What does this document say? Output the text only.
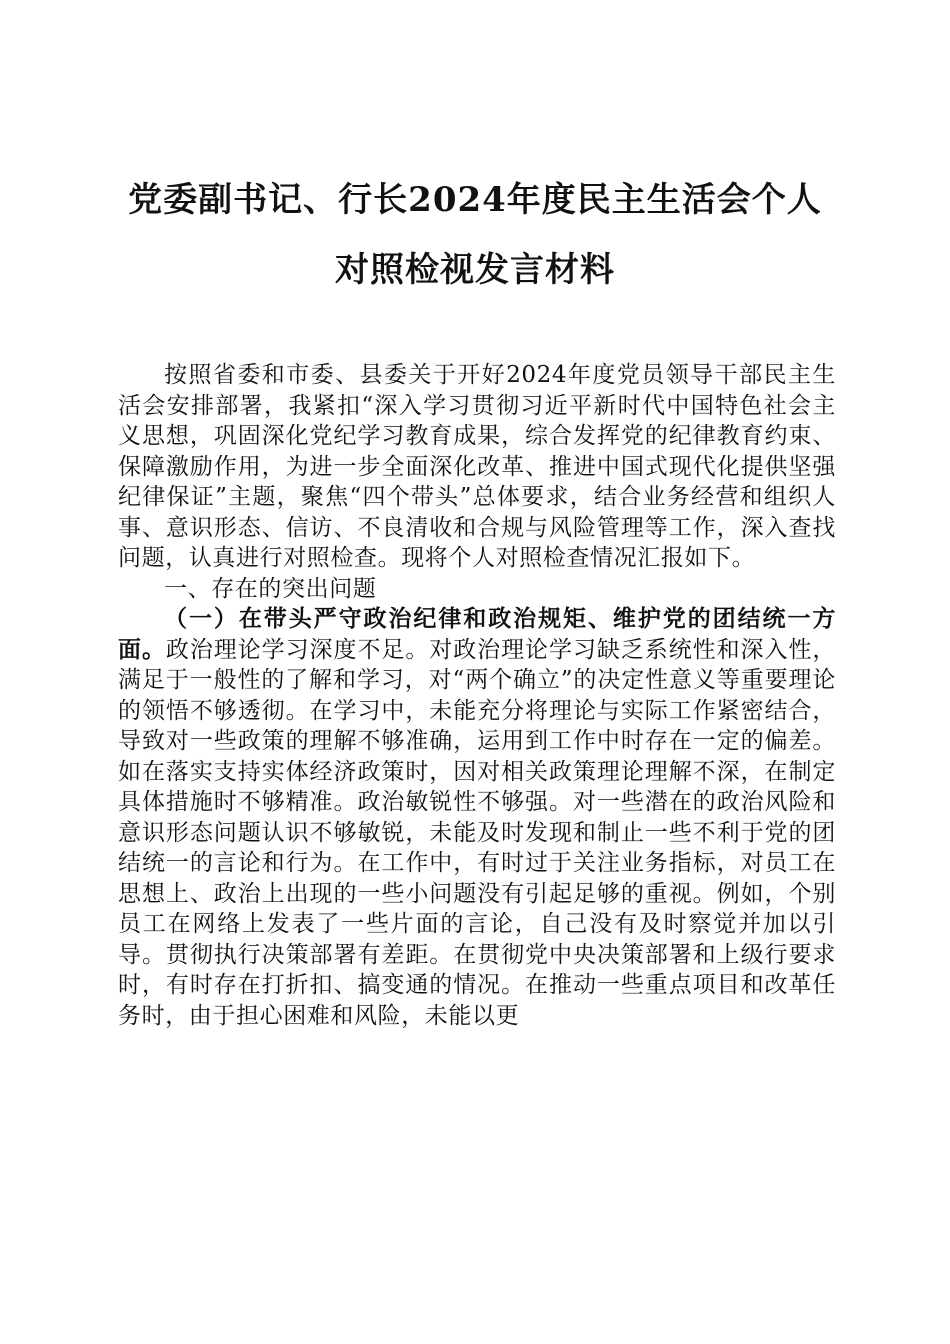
党委副书记、行长2024年度民主生活会个人
对照检视发言材料

按照省委和市委、县委关于开好2024年度党员领导干部民主生活会安排部署，我紧扣“深入学习贯彻习近平新时代中国特色社会主义思想，巩固深化党纪学习教育成果，综合发挥党的纪律教育约束、保障激励作用，为进一步全面深化改革、推进中国式现代化提供坚强纪律保证”主题，聚焦“四个带头”总体要求，结合业务经营和组织人事、意识形态、信访、不良清收和合规与风险管理等工作，深入查找问题，认真进行对照检查。现将个人对照检查情况汇报如下。

一、存在的突出问题

（一）在带头严守政治纪律和政治规矩、维护党的团结统一方面。政治理论学习深度不足。对政治理论学习缺乏系统性和深入性，满足于一般性的了解和学习，对“两个确立”的决定性意义等重要理论的领悟不够透彻。在学习中，未能充分将理论与实际工作紧密结合，导致对一些政策的理解不够准确，运用到工作中时存在一定的偏差。如在落实支持实体经济政策时，因对相关政策理论理解不深，在制定具体措施时不够精准。政治敏锐性不够强。对一些潜在的政治风险和意识形态问题认识不够敏锐，未能及时发现和制止一些不利于党的团结统一的言论和行为。在工作中，有时过于关注业务指标，对员工在思想上、政治上出现的一些小问题没有引起足够的重视。例如，个别员工在网络上发表了一些片面的言论，自己没有及时察觉并加以引导。贯彻执行决策部署有差距。在贯彻党中央决策部署和上级行要求时，有时存在打折扣、搞变通的情况。在推动一些重点项目和改革任务时，由于担心困难和风险，未能以更
